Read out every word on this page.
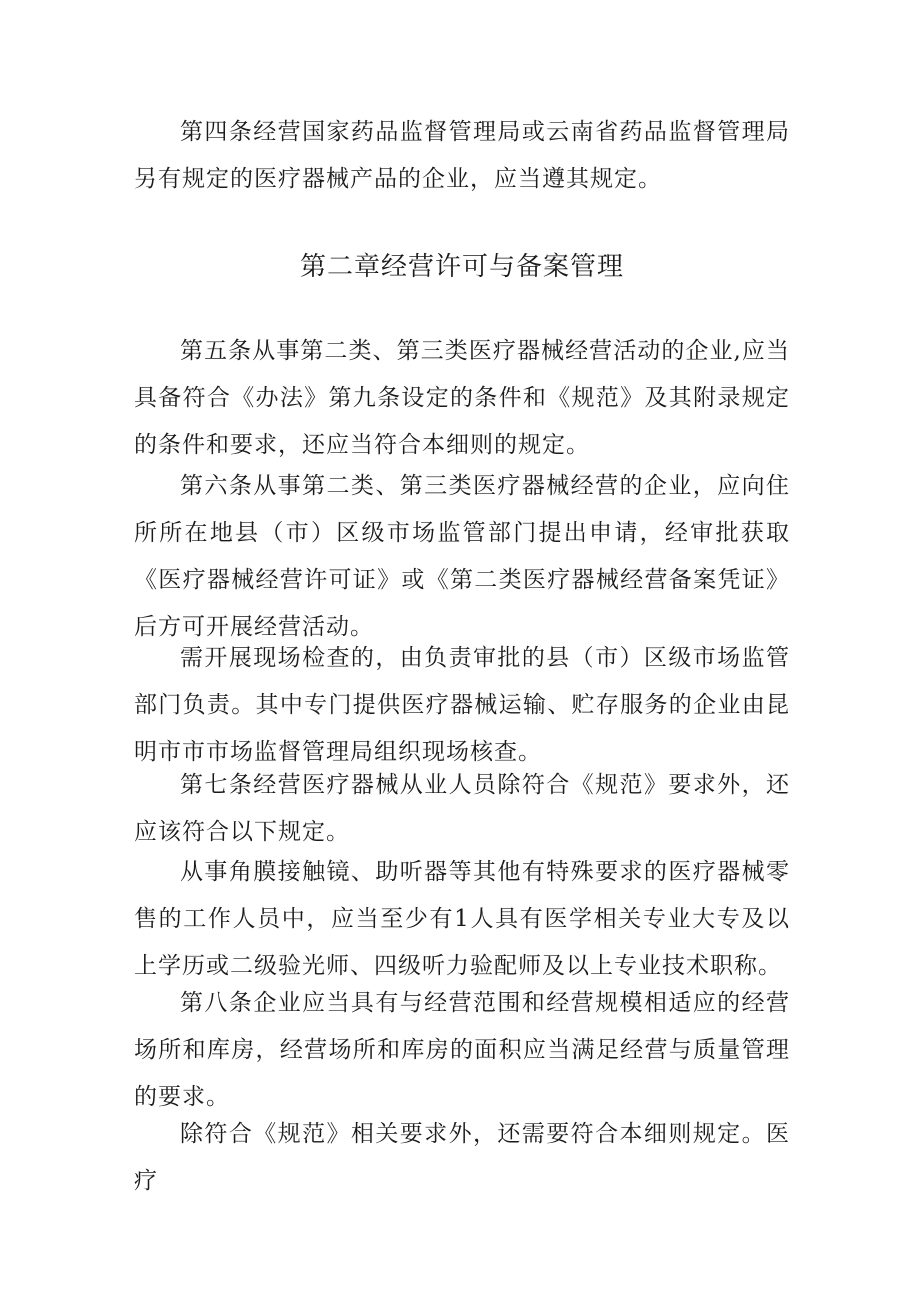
第四条经营国家药品监督管理局或云南省药品监督管理局另有规定的医疗器械产品的企业，应当遵其规定。

第二章经营许可与备案管理

第五条从事第二类、第三类医疗器械经营活动的企业,应当具备符合《办法》第九条设定的条件和《规范》及其附录规定的条件和要求，还应当符合本细则的规定。

第六条从事第二类、第三类医疗器械经营的企业，应向住所所在地县（市）区级市场监管部门提出申请，经审批获取《医疗器械经营许可证》或《第二类医疗器械经营备案凭证》后方可开展经营活动。

需开展现场检查的，由负责审批的县（市）区级市场监管部门负责。其中专门提供医疗器械运输、贮存服务的企业由昆明市市市场监督管理局组织现场核查。

第七条经营医疗器械从业人员除符合《规范》要求外，还应该符合以下规定。

从事角膜接触镜、助听器等其他有特殊要求的医疗器械零售的工作人员中，应当至少有1人具有医学相关专业大专及以上学历或二级验光师、四级听力验配师及以上专业技术职称。

第八条企业应当具有与经营范围和经营规模相适应的经营场所和库房，经营场所和库房的面积应当满足经营与质量管理的要求。

除符合《规范》相关要求外，还需要符合本细则规定。医疗
